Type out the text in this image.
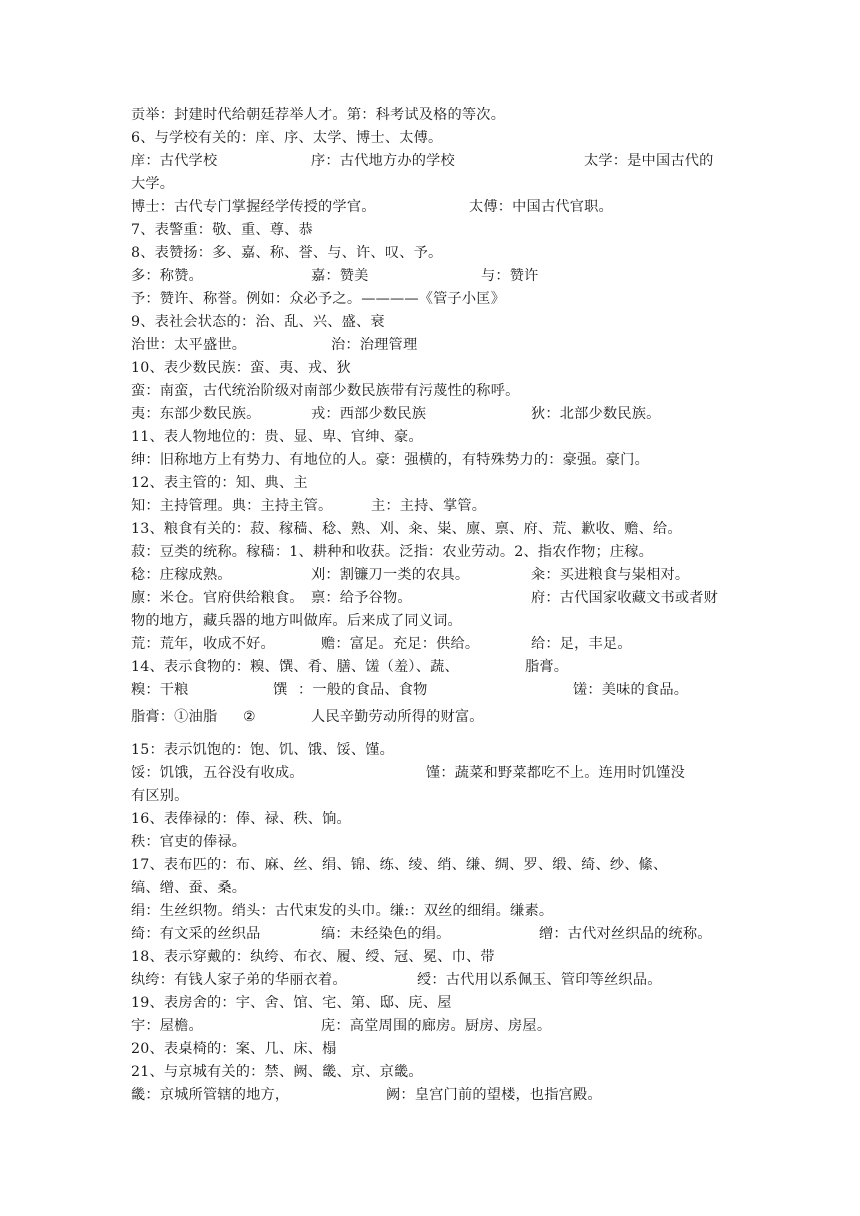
贡举：封建时代给朝廷荐举人才。第：科考试及格的等次。
6、与学校有关的：庠、序、太学、博士、太傅。
庠：古代学校	序：古代地方办的学校	太学：是中国古代的
大学。
博士：古代专门掌握经学传授的学官。	太傅：中国古代官职。
7、表警重：敬、重、尊、恭
8、表赞扬：多、嘉、称、誉、与、许、叹、予。
多：称赞。	嘉：赞美	与：赞许
予：赞许、称誉。例如：众必予之。————《管子小匡》
9、表社会状态的：治、乱、兴、盛、衰
治世：太平盛世。	治：治理管理
10、表少数民族：蛮、夷、戎、狄
蛮：南蛮，古代统治阶级对南部少数民族带有污蔑性的称呼。
夷：东部少数民族。	戎：西部少数民族	狄：北部少数民族。
11、表人物地位的：贵、显、卑、官绅、豪。
绅：旧称地方上有势力、有地位的人。豪：强横的，有特殊势力的：豪强。豪门。
12、表主管的：知、典、主
知：主持管理。典：主持主管。	主：主持、掌管。
13、粮食有关的：菽、稼穑、稔、熟、刈、籴、粜、廪、禀、府、荒、歉收、赡、给。
菽：豆类的统称。稼穑：1、耕种和收获。泛指：农业劳动。2、指农作物；庄稼。
稔：庄稼成熟。	刈：割镰刀一类的农具。	籴：买进粮食与粜相对。
廪：米仓。官府供给粮食。 禀：给予谷物。	府：古代国家收藏文书或者财
物的地方，藏兵器的地方叫做库。后来成了同义词。
荒：荒年，收成不好。	赡：富足。充足：供给。	给：足，丰足。
14、表示食物的：糗、馔、肴、膳、馐（羞）、蔬、	脂膏。
糗：干粮	馔 ：一般的食品、食物	馐：美味的食品。
脂膏：①油脂 ②	人民辛勤劳动所得的财富。
15：表示饥饱的：饱、饥、饿、馁、馑。
馁：饥饿，五谷没有收成。	馑：蔬菜和野菜都吃不上。连用时饥馑没
有区别。
16、表俸禄的：俸、禄、秩、饷。
秩：官吏的俸禄。
17、表布匹的：布、麻、丝、绢、锦、练、绫、绡、缣、绸、罗、缎、绮、纱、絛、
缟、缯、蚕、桑。
绢：生丝织物。绡头：古代束发的头巾。缣:：双丝的细绢。缣素。
绮：有文采的丝织品	缟：未经染色的绢。	缯：古代对丝织品的统称。
18、表示穿戴的：纨绔、布衣、履、绶、冠、冕、巾、带
纨绔：有钱人家子弟的华丽衣着。	绶：古代用以系佩玉、管印等丝织品。
19、表房舍的：宇、舍、馆、宅、第、邸、庑、屋
宇：屋檐。	庑：高堂周围的廊房。厨房、房屋。
20、表桌椅的：案、几、床、榻
21、与京城有关的：禁、阙、畿、京、京畿。
畿：京城所管辖的地方，	阙：皇宫门前的望楼，也指宫殿。
